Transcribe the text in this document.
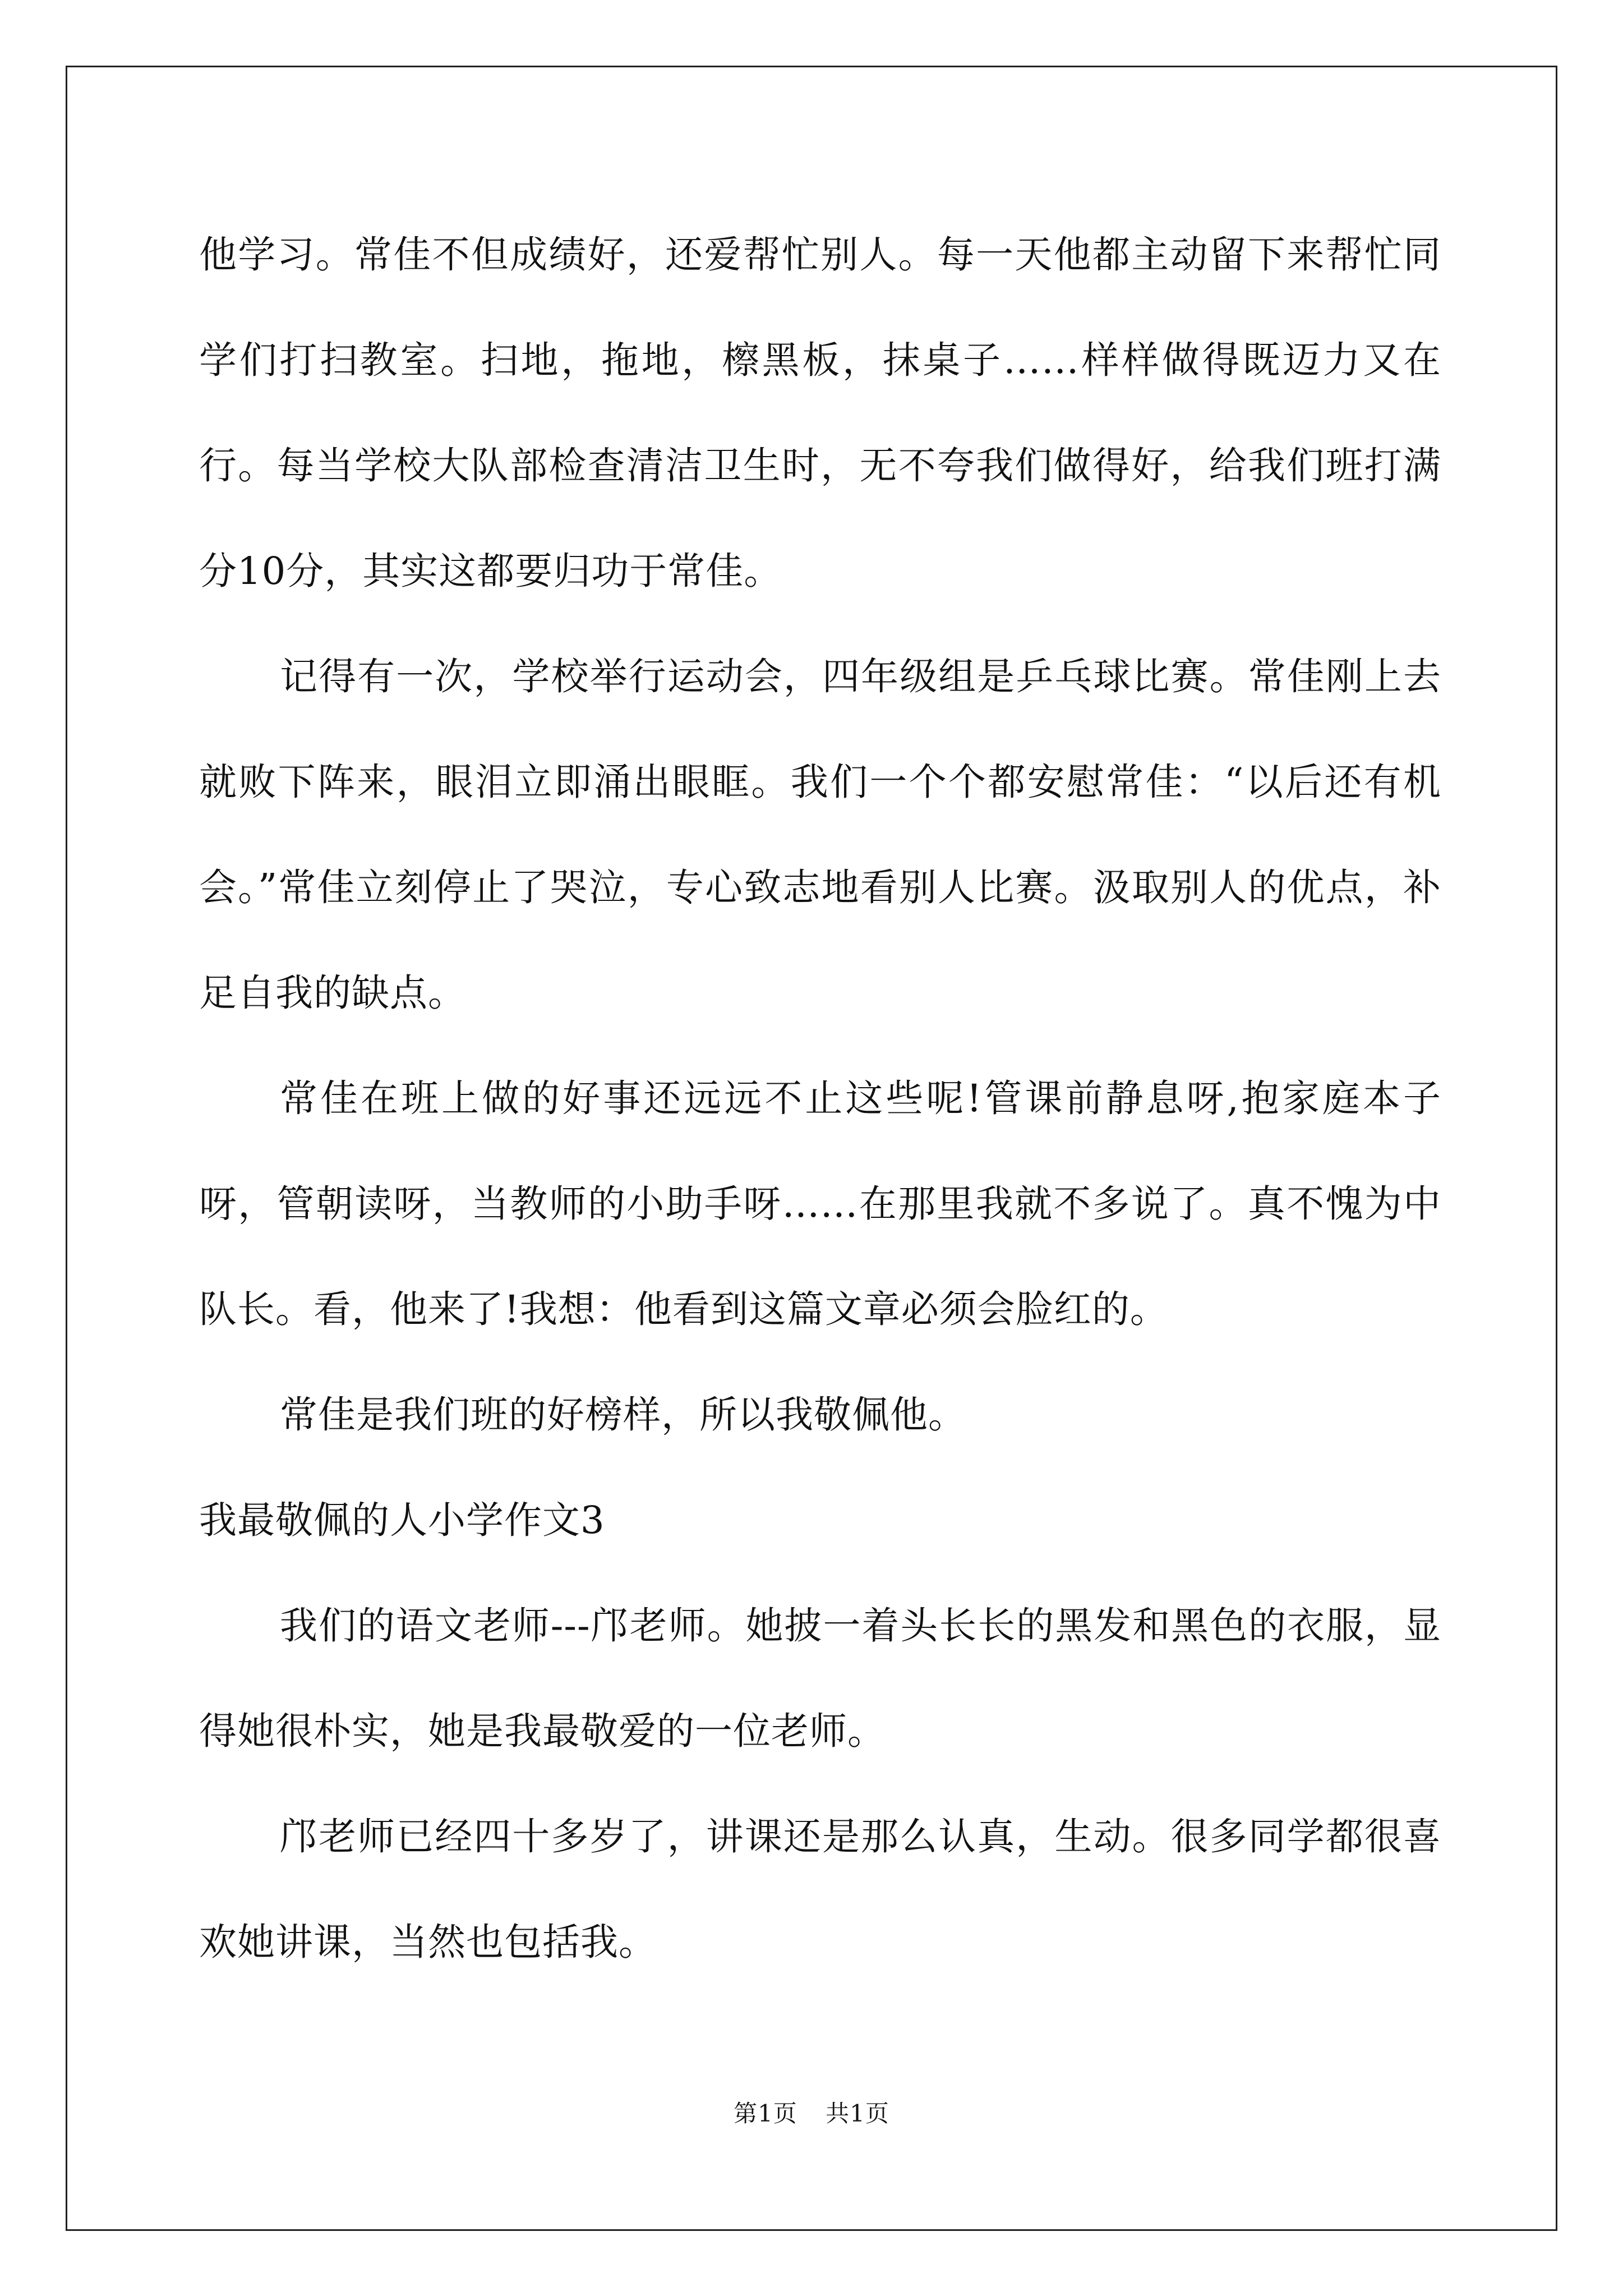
他学习。常佳不但成绩好，还爱帮忙别人。每一天他都主动留下来帮忙同学们打扫教室。扫地，拖地，檫黑板，抹桌子……样样做得既迈力又在行。每当学校大队部检查清洁卫生时，无不夸我们做得好，给我们班打满分10分，其实这都要归功于常佳。

记得有一次，学校举行运动会，四年级组是乒乓球比赛。常佳刚上去就败下阵来，眼泪立即涌出眼眶。我们一个个都安慰常佳：“以后还有机会。”常佳立刻停止了哭泣，专心致志地看别人比赛。汲取别人的优点，补足自我的缺点。

常佳在班上做的好事还远远不止这些呢!管课前静息呀,抱家庭本子呀，管朝读呀，当教师的小助手呀……在那里我就不多说了。真不愧为中队长。看，他来了!我想：他看到这篇文章必须会脸红的。

常佳是我们班的好榜样，所以我敬佩他。

我最敬佩的人小学作文3

我们的语文老师---邝老师。她披一着头长长的黑发和黑色的衣服，显得她很朴实，她是我最敬爱的一位老师。

邝老师已经四十多岁了，讲课还是那么认真，生动。很多同学都很喜欢她讲课，当然也包括我。

第1页 共1页
